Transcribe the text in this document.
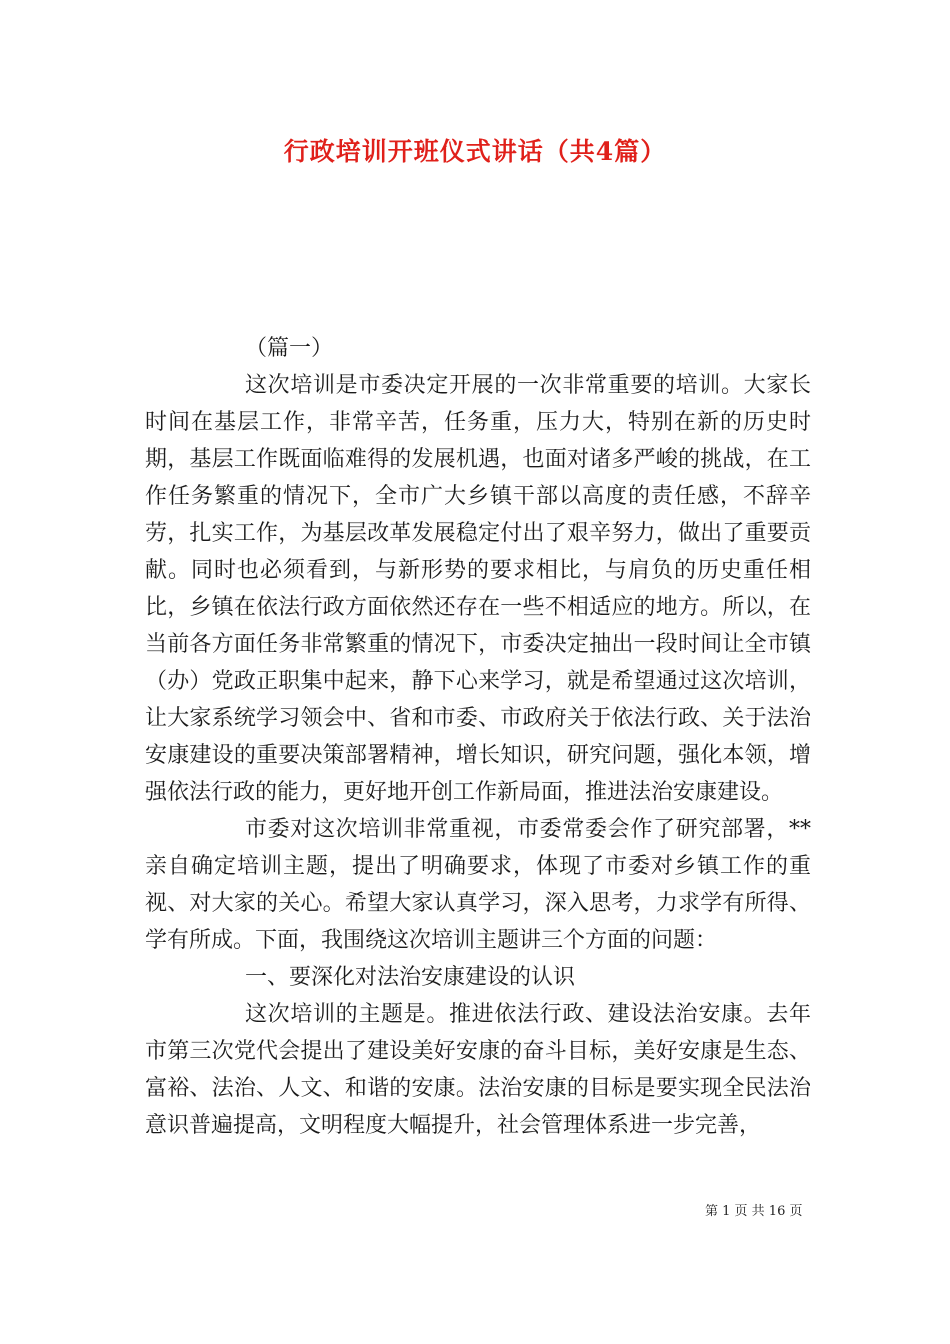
行政培训开班仪式讲话（共4篇）

（篇一）

这次培训是市委决定开展的一次非常重要的培训。大家长时间在基层工作，非常辛苦，任务重，压力大，特别在新的历史时期，基层工作既面临难得的发展机遇，也面对诸多严峻的挑战，在工作任务繁重的情况下，全市广大乡镇干部以高度的责任感，不辞辛劳，扎实工作，为基层改革发展稳定付出了艰辛努力，做出了重要贡献。同时也必须看到，与新形势的要求相比，与肩负的历史重任相比，乡镇在依法行政方面依然还存在一些不相适应的地方。所以，在当前各方面任务非常繁重的情况下，市委决定抽出一段时间让全市镇（办）党政正职集中起来，静下心来学习，就是希望通过这次培训，让大家系统学习领会中、省和市委、市政府关于依法行政、关于法治安康建设的重要决策部署精神，增长知识，研究问题，强化本领，增强依法行政的能力，更好地开创工作新局面，推进法治安康建设。

市委对这次培训非常重视，市委常委会作了研究部署，**亲自确定培训主题，提出了明确要求，体现了市委对乡镇工作的重视、对大家的关心。希望大家认真学习，深入思考，力求学有所得、学有所成。下面，我围绕这次培训主题讲三个方面的问题：

一、要深化对法治安康建设的认识

这次培训的主题是。推进依法行政、建设法治安康。去年市第三次党代会提出了建设美好安康的奋斗目标，美好安康是生态、富裕、法治、人文、和谐的安康。法治安康的目标是要实现全民法治意识普遍提高，文明程度大幅提升，社会管理体系进一步完善，

第 1 页 共 16 页
